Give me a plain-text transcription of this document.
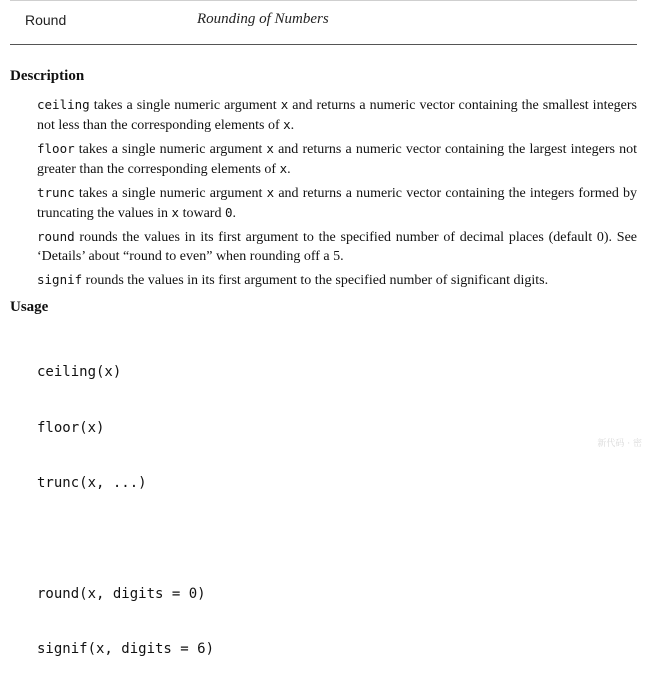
Round	Rounding of Numbers
Description

ceiling takes a single numeric argument x and returns a numeric vector containing the smallest integers not less than the corresponding elements of x.

floor takes a single numeric argument x and returns a numeric vector containing the largest integers not greater than the corresponding elements of x.

trunc takes a single numeric argument x and returns a numeric vector containing the integers formed by truncating the values in x toward 0.

round rounds the values in its first argument to the specified number of decimal places (default 0). See ‘Details’ about “round to even” when rounding off a 5.

signif rounds the values in its first argument to the specified number of significant digits.

Usage

ceiling(x)

floor(x)

trunc(x, ...)

round(x, digits = 0)

signif(x, digits = 6)

新代码 · 密
